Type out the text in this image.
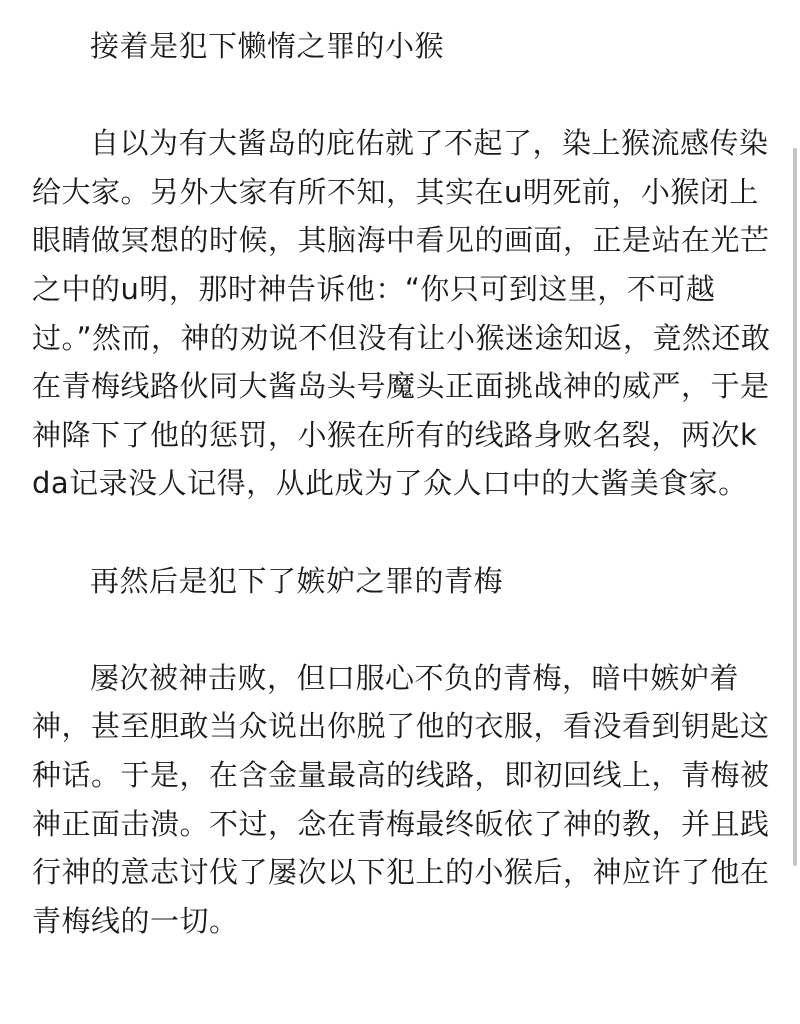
接着是犯下懒惰之罪的小猴

自以为有大酱岛的庇佑就了不起了，染上猴流感传染给大家。另外大家有所不知，其实在u明死前，小猴闭上眼睛做冥想的时候，其脑海中看见的画面，正是站在光芒之中的u明，那时神告诉他：“你只可到这里，不可越过。”然而，神的劝说不但没有让小猴迷途知返，竟然还敢在青梅线路伙同大酱岛头号魔头正面挑战神的威严，于是神降下了他的惩罚，小猴在所有的线路身败名裂，两次kda记录没人记得，从此成为了众人口中的大酱美食家。

再然后是犯下了嫉妒之罪的青梅

屡次被神击败，但口服心不负的青梅，暗中嫉妒着神，甚至胆敢当众说出你脱了他的衣服，看没看到钥匙这种话。于是，在含金量最高的线路，即初回线上，青梅被神正面击溃。不过，念在青梅最终皈依了神的教，并且践行神的意志讨伐了屡次以下犯上的小猴后，神应许了他在青梅线的一切。
